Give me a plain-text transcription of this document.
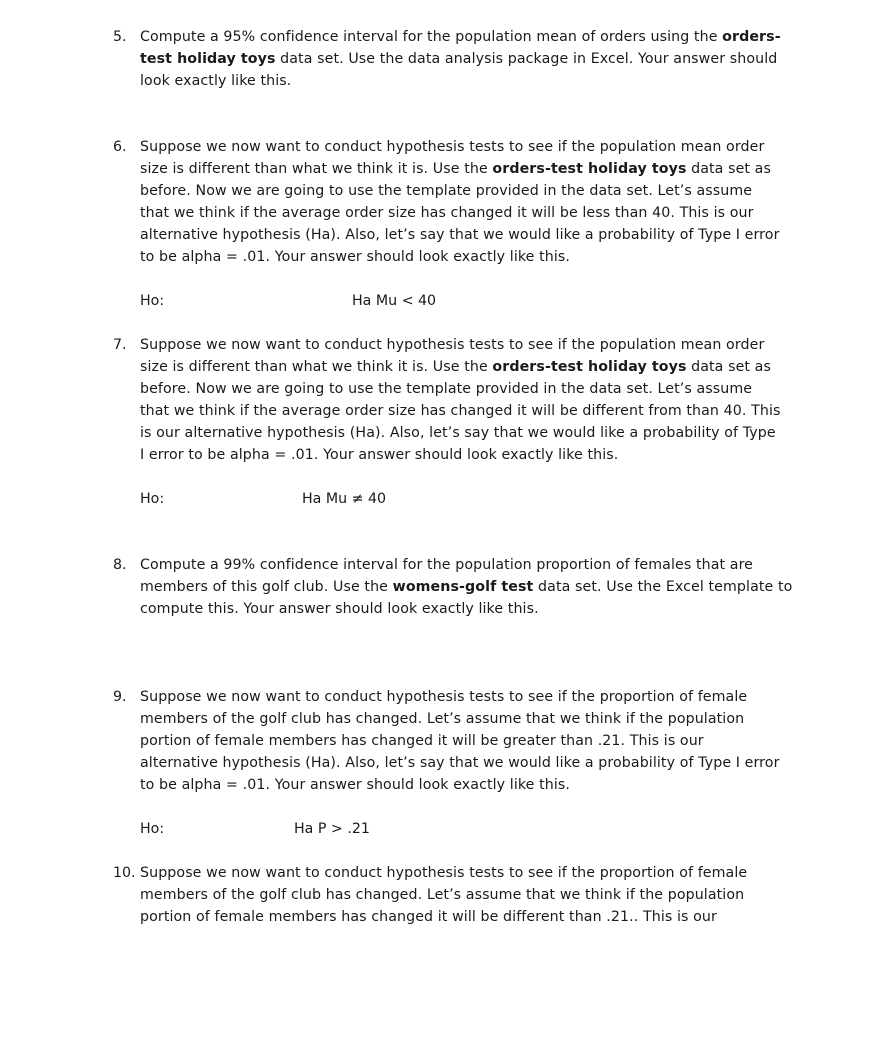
5. Compute a 95% confidence interval for the population mean of orders using the orders-
test holiday toys data set. Use the data analysis package in Excel. Your answer should
look exactly like this.
6. Suppose we now want to conduct hypothesis tests to see if the population mean order
size is different than what we think it is. Use the orders-test holiday toys data set as
before. Now we are going to use the template provided in the data set. Let’s assume
that we think if the average order size has changed it will be less than 40. This is our
alternative hypothesis (Ha). Also, let’s say that we would like a probability of Type I error
to be alpha = .01. Your answer should look exactly like this.
Ho:	Ha Mu < 40
7. Suppose we now want to conduct hypothesis tests to see if the population mean order
size is different than what we think it is. Use the orders-test holiday toys data set as
before. Now we are going to use the template provided in the data set. Let’s assume
that we think if the average order size has changed it will be different from than 40. This
is our alternative hypothesis (Ha). Also, let’s say that we would like a probability of Type
I error to be alpha = .01. Your answer should look exactly like this.
Ho:	Ha Mu ≠ 40
8. Compute a 99% confidence interval for the population proportion of females that are
members of this golf club. Use the womens-golf test data set. Use the Excel template to
compute this. Your answer should look exactly like this.
9. Suppose we now want to conduct hypothesis tests to see if the proportion of female
members of the golf club has changed. Let’s assume that we think if the population
portion of female members has changed it will be greater than .21. This is our
alternative hypothesis (Ha). Also, let’s say that we would like a probability of Type I error
to be alpha = .01. Your answer should look exactly like this.
Ho:	Ha P > .21
10. Suppose we now want to conduct hypothesis tests to see if the proportion of female
members of the golf club has changed. Let’s assume that we think if the population
portion of female members has changed it will be different than .21.. This is our
